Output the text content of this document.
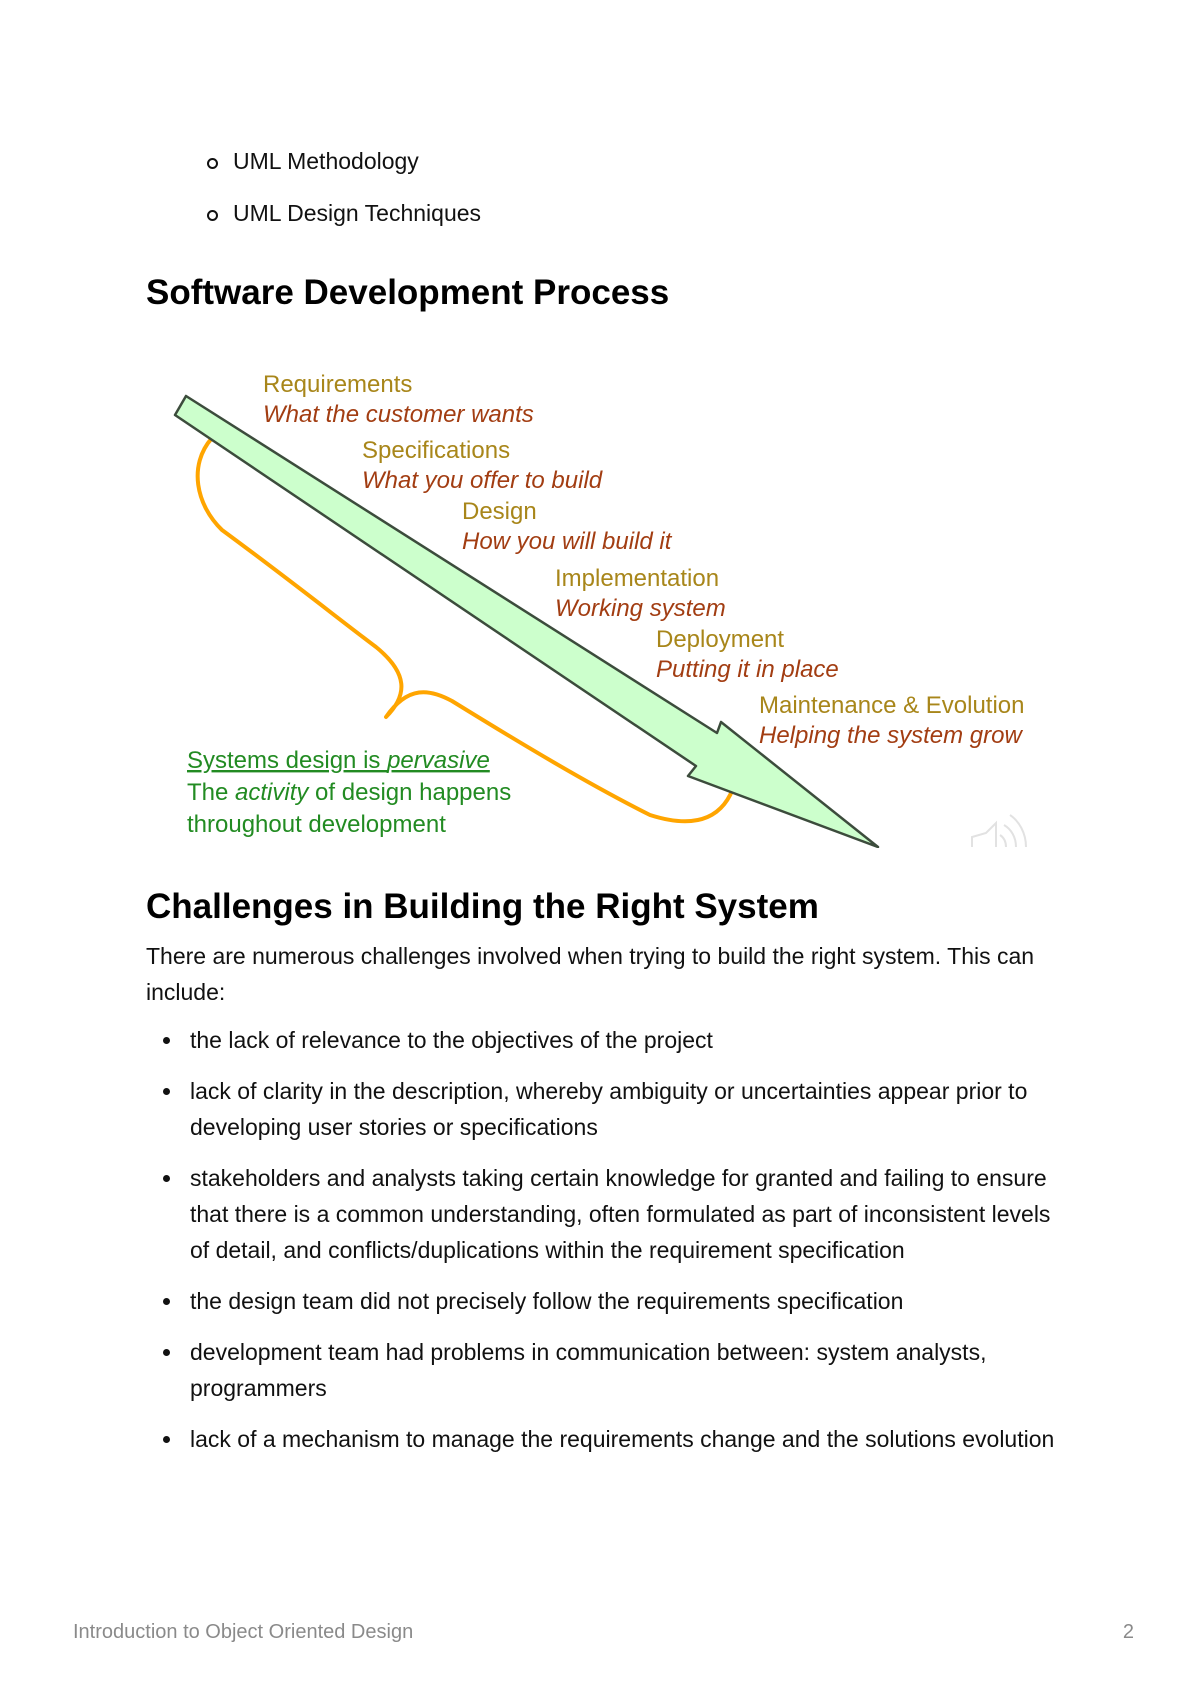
UML Methodology
UML Design Techniques
Software Development Process
Requirements
What the customer wants
Specifications
What you offer to build
Design
How you will build it
Implementation
Working system
Deployment
Putting it in place
Maintenance & Evolution
Helping the system grow
Systems design is pervasive
The activity of design happens
throughout development
Challenges in Building the Right System

There are numerous challenges involved when trying to build the right system. This can include:

the lack of relevance to the objectives of the project
lack of clarity in the description, whereby ambiguity or uncertainties appear prior to developing user stories or specifications
stakeholders and analysts taking certain knowledge for granted and failing to ensure that there is a common understanding, often formulated as part of inconsistent levels of detail, and conflicts/duplications within the requirement specification
the design team did not precisely follow the requirements specification
development team had problems in communication between: system analysts, programmers
lack of a mechanism to manage the requirements change and the solutions evolution
Introduction to Object Oriented Design	2
